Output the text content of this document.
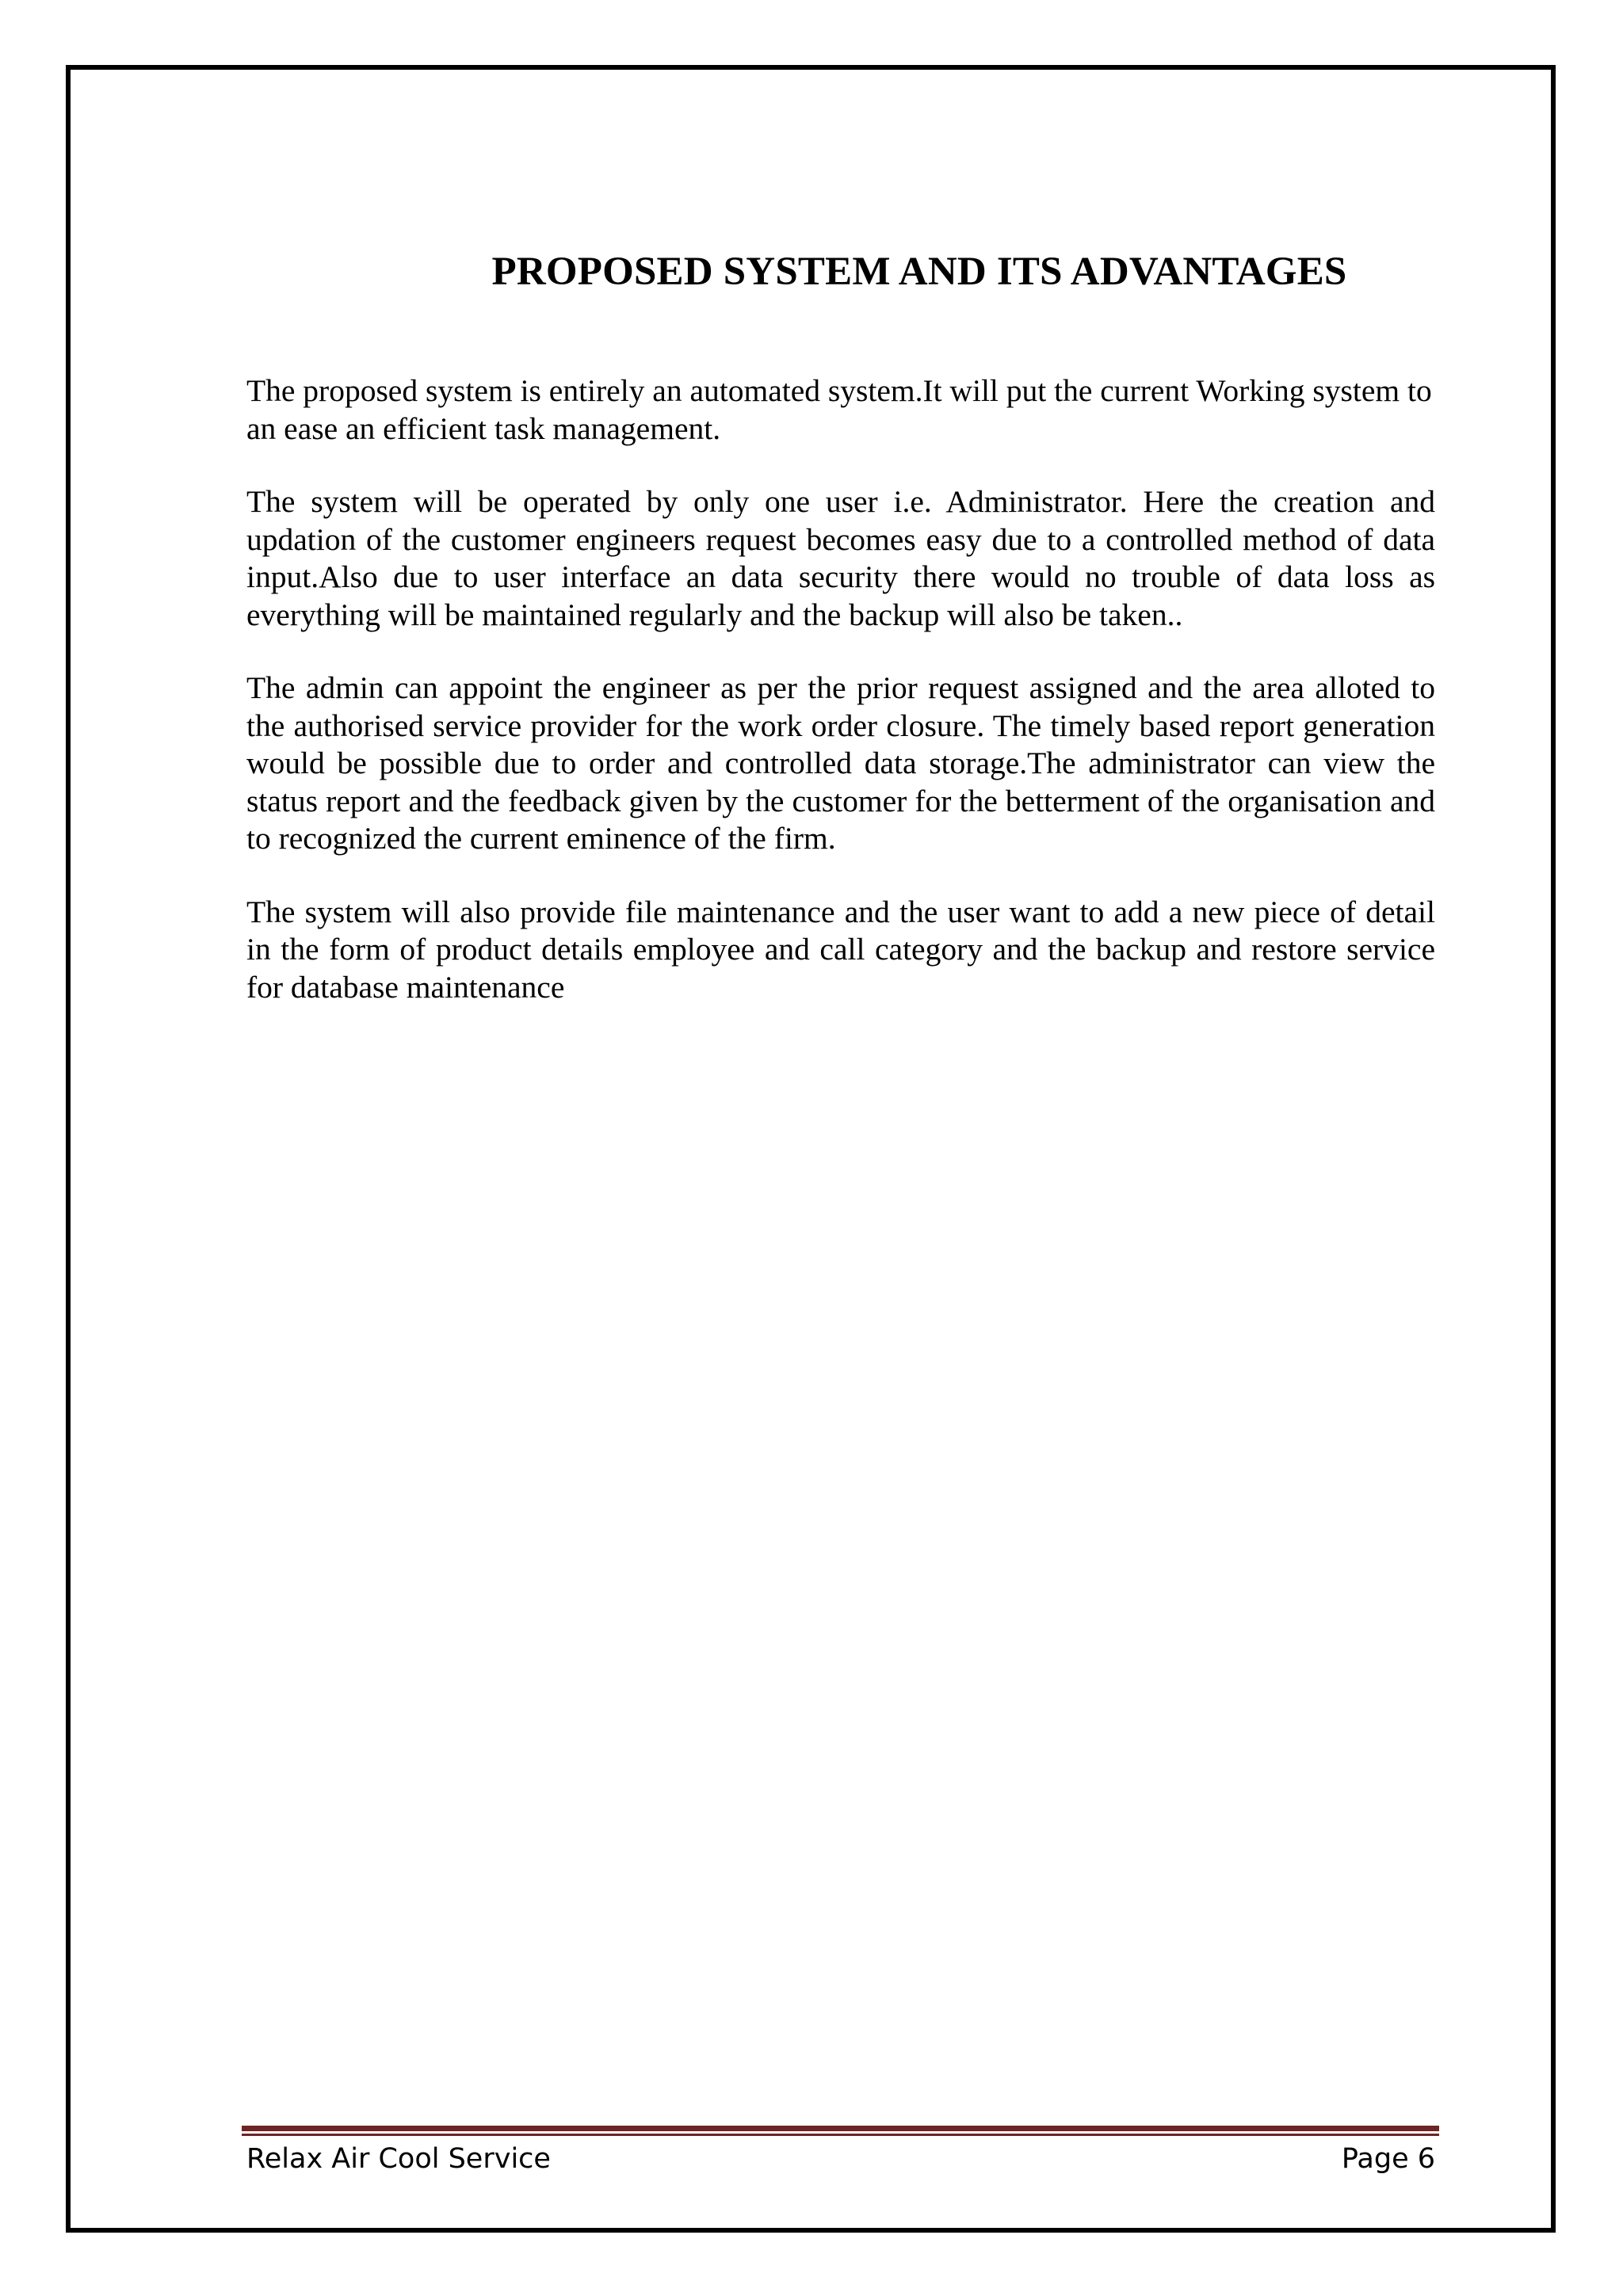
PROPOSED SYSTEM AND ITS ADVANTAGES

The proposed system is entirely an automated system.It will put the current Working system to an ease an efficient task management.

The system will be operated by only one user i.e. Administrator. Here the creation and updation of the customer engineers request becomes easy due to a controlled method of data input.Also due to user interface an data security there would no trouble of data loss as everything will be maintained regularly and the backup will also be taken..

The admin can appoint the engineer as per the prior request assigned and the area alloted to the authorised service provider for the work order closure. The timely based report generation would be possible due to order and controlled data storage.The administrator can view the status report and the feedback given by the customer for the betterment of the organisation and to recognized the current eminence of the firm.

The system will also provide file maintenance and the user want to add a new piece of detail in the form of product details employee and call category and the backup and restore service for database maintenance

Relax Air Cool Service	Page 6
